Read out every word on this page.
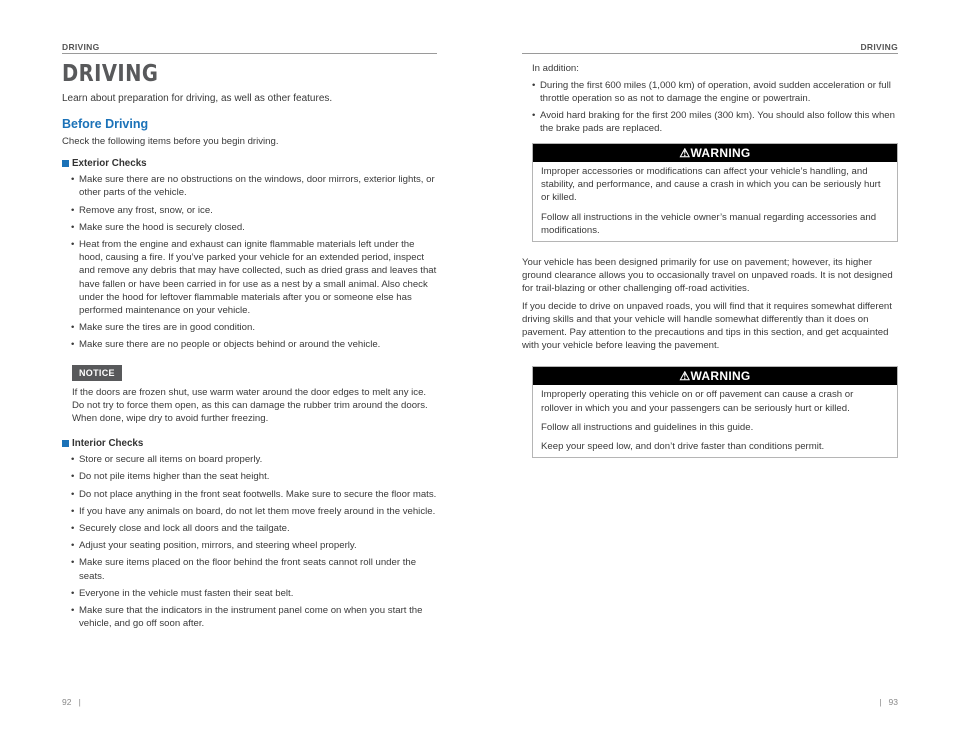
DRIVING	DRIVING
DRIVING

Learn about preparation for driving, as well as other features.

Before Driving

Check the following items before you begin driving.

Exterior Checks
• Make sure there are no obstructions on the windows, door mirrors, exterior lights, or other parts of the vehicle.
• Remove any frost, snow, or ice.
• Make sure the hood is securely closed.
• Heat from the engine and exhaust can ignite flammable materials left under the hood, causing a fire. If you’ve parked your vehicle for an extended period, inspect and remove any debris that may have collected, such as dried grass and leaves that have fallen or have been carried in for use as a nest by a small animal. Also check under the hood for leftover flammable materials after you or someone else has performed maintenance on your vehicle.
• Make sure the tires are in good condition.
• Make sure there are no people or objects behind or around the vehicle.
NOTICE

If the doors are frozen shut, use warm water around the door edges to melt any ice. Do not try to force them open, as this can damage the rubber trim around the doors. When done, wipe dry to avoid further freezing.

Interior Checks
• Store or secure all items on board properly.
• Do not pile items higher than the seat height.
• Do not place anything in the front seat footwells. Make sure to secure the floor mats.
• If you have any animals on board, do not let them move freely around in the vehicle.
• Securely close and lock all doors and the tailgate.
• Adjust your seating position, mirrors, and steering wheel properly.
• Make sure items placed on the floor behind the front seats cannot roll under the seats.
• Everyone in the vehicle must fasten their seat belt.
• Make sure that the indicators in the instrument panel come on when you start the vehicle, and go off soon after.

In addition:

• During the first 600 miles (1,000 km) of operation, avoid sudden acceleration or full throttle operation so as not to damage the engine or powertrain.
• Avoid hard braking for the first 200 miles (300 km). You should also follow this when the brake pads are replaced.
⚠WARNING

Improper accessories or modifications can affect your vehicle’s handling, and stability, and performance, and cause a crash in which you can be seriously hurt or killed.

Follow all instructions in the vehicle owner’s manual regarding accessories and modifications.

Your vehicle has been designed primarily for use on pavement; however, its higher ground clearance allows you to occasionally travel on unpaved roads. It is not designed for trail-blazing or other challenging off-road activities.

If you decide to drive on unpaved roads, you will find that it requires somewhat different driving skills and that your vehicle will handle somewhat differently than it does on pavement. Pay attention to the precautions and tips in this section, and get acquainted with your vehicle before leaving the pavement.

⚠WARNING

Improperly operating this vehicle on or off pavement can cause a crash or rollover in which you and your passengers can be seriously hurt or killed.

Follow all instructions and guidelines in this guide.

Keep your speed low, and don’t drive faster than conditions permit.

92 |	| 93
